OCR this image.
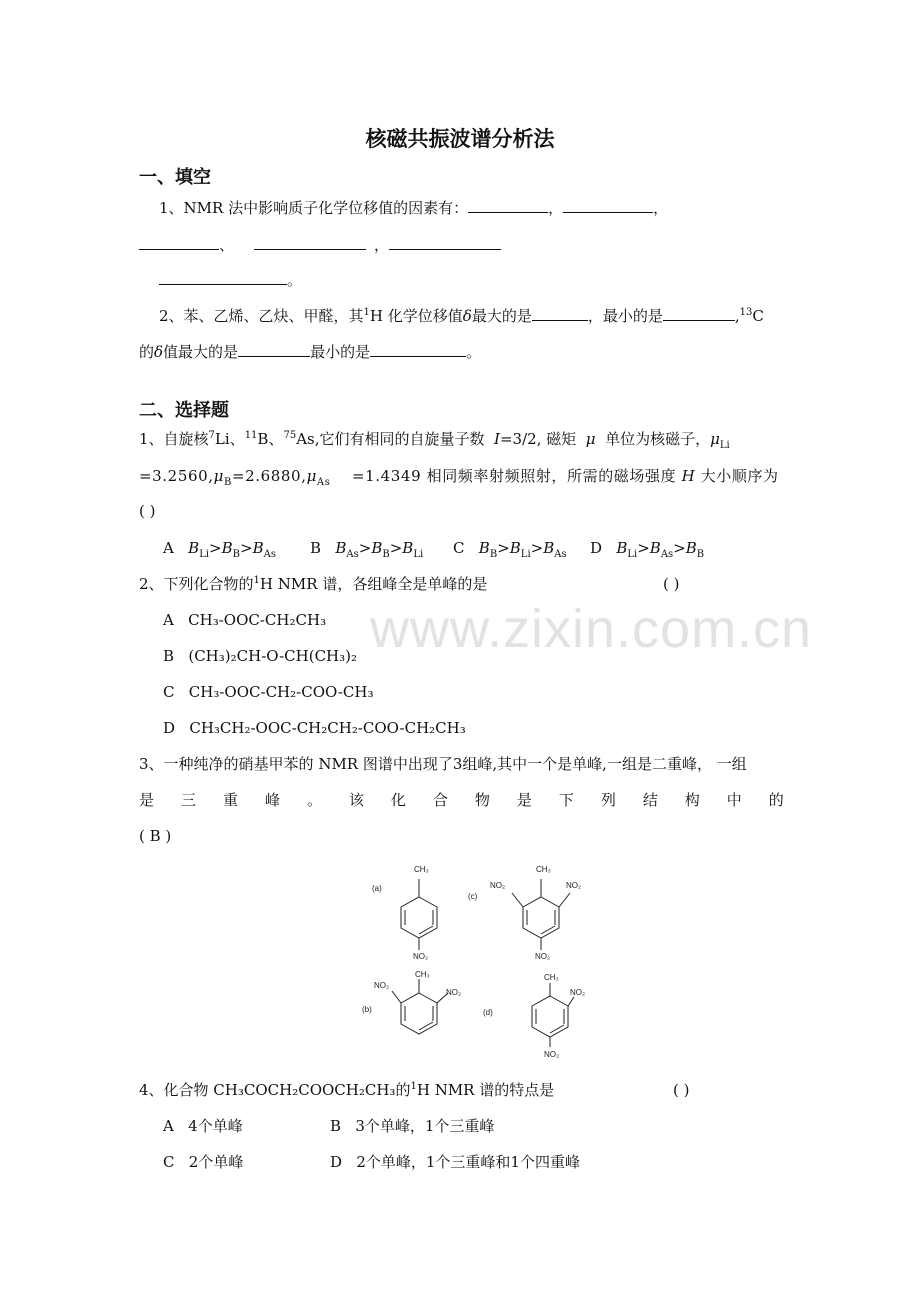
www.zixin.com.cn
核磁共振波谱分析法
一、填空
1、NMR 法中影响质子化学位移值的因素有：	，	，
、	，
。
2、苯、乙烯、乙炔、甲醛，其$^1$H 化学位移值δ最大的是	，最小的是	,$^{13}$C
的δ值最大的是	最小的是	。
二、选择题
1、自旋核$^7$Li、$^{11}$B、$^{75}$As,它们有相同的自旋量子数 I=3/2, 磁矩 μ 单位为核磁子，$\mu_{Li}$
$=3.2560,\mu_B=2.6880,\mu_{As} =1.4349$ 相同频率射频照射，所需的磁场强度 H 大小顺序为
( )
A $B_{Li}>B_B>B_{As}$ B $B_{As}>B_B>B_{Li}$ C $B_B>B_{Li}>B_{As}$ D $B_{Li}>B_{As}>B_B$
2、下列化合物的$^1$H NMR 谱，各组峰全是单峰的是	( )
A CH₃-OOC-CH₂CH₃
B (CH₃)₂CH-O-CH(CH₃)₂
C CH₃-OOC-CH₂-COO-CH₃
D CH₃CH₂-OOC-CH₂CH₂-COO-CH₂CH₃
3、一种纯净的硝基甲苯的 NMR 图谱中出现了3组峰,其中一个是单峰,一组是二重峰， 一组
是 三 重 峰 。 该 化 合 物 是 下 列 结 构 中 的
( B )
(a)
CH₃
NO₂
(c)
CH₃
NO₂	NO₂
NO₂
CH₃
NO₂
NO₂
(b)
CH₃
NO₂
NO₂
(d)
4、化合物 CH₃COCH₂COOCH₂CH₃的$^1$H NMR 谱的特点是	( )
A 4个单峰	B 3个单峰，1个三重峰
C 2个单峰	D 2个单峰，1个三重峰和1个四重峰
